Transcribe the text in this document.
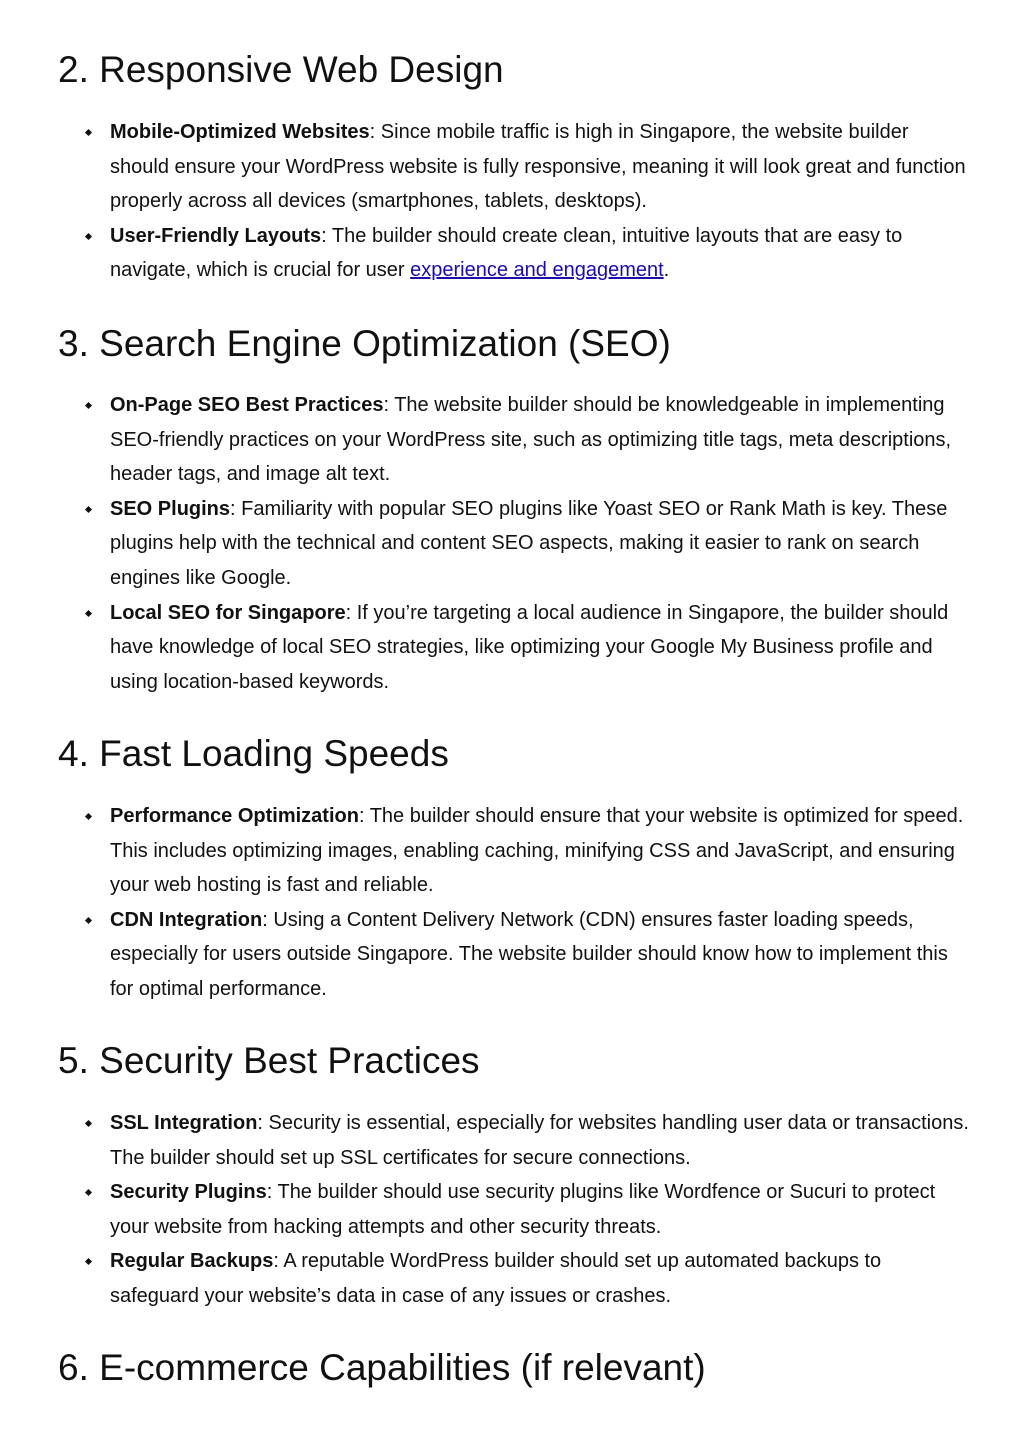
2. Responsive Web Design
Mobile-Optimized Websites: Since mobile traffic is high in Singapore, the website builder should ensure your WordPress website is fully responsive, meaning it will look great and function properly across all devices (smartphones, tablets, desktops).
User-Friendly Layouts: The builder should create clean, intuitive layouts that are easy to navigate, which is crucial for user experience and engagement.
3. Search Engine Optimization (SEO)
On-Page SEO Best Practices: The website builder should be knowledgeable in implementing SEO-friendly practices on your WordPress site, such as optimizing title tags, meta descriptions, header tags, and image alt text.
SEO Plugins: Familiarity with popular SEO plugins like Yoast SEO or Rank Math is key. These plugins help with the technical and content SEO aspects, making it easier to rank on search engines like Google.
Local SEO for Singapore: If you’re targeting a local audience in Singapore, the builder should have knowledge of local SEO strategies, like optimizing your Google My Business profile and using location-based keywords.
4. Fast Loading Speeds
Performance Optimization: The builder should ensure that your website is optimized for speed. This includes optimizing images, enabling caching, minifying CSS and JavaScript, and ensuring your web hosting is fast and reliable.
CDN Integration: Using a Content Delivery Network (CDN) ensures faster loading speeds, especially for users outside Singapore. The website builder should know how to implement this for optimal performance.
5. Security Best Practices
SSL Integration: Security is essential, especially for websites handling user data or transactions. The builder should set up SSL certificates for secure connections.
Security Plugins: The builder should use security plugins like Wordfence or Sucuri to protect your website from hacking attempts and other security threats.
Regular Backups: A reputable WordPress builder should set up automated backups to safeguard your website’s data in case of any issues or crashes.
6. E-commerce Capabilities (if relevant)
